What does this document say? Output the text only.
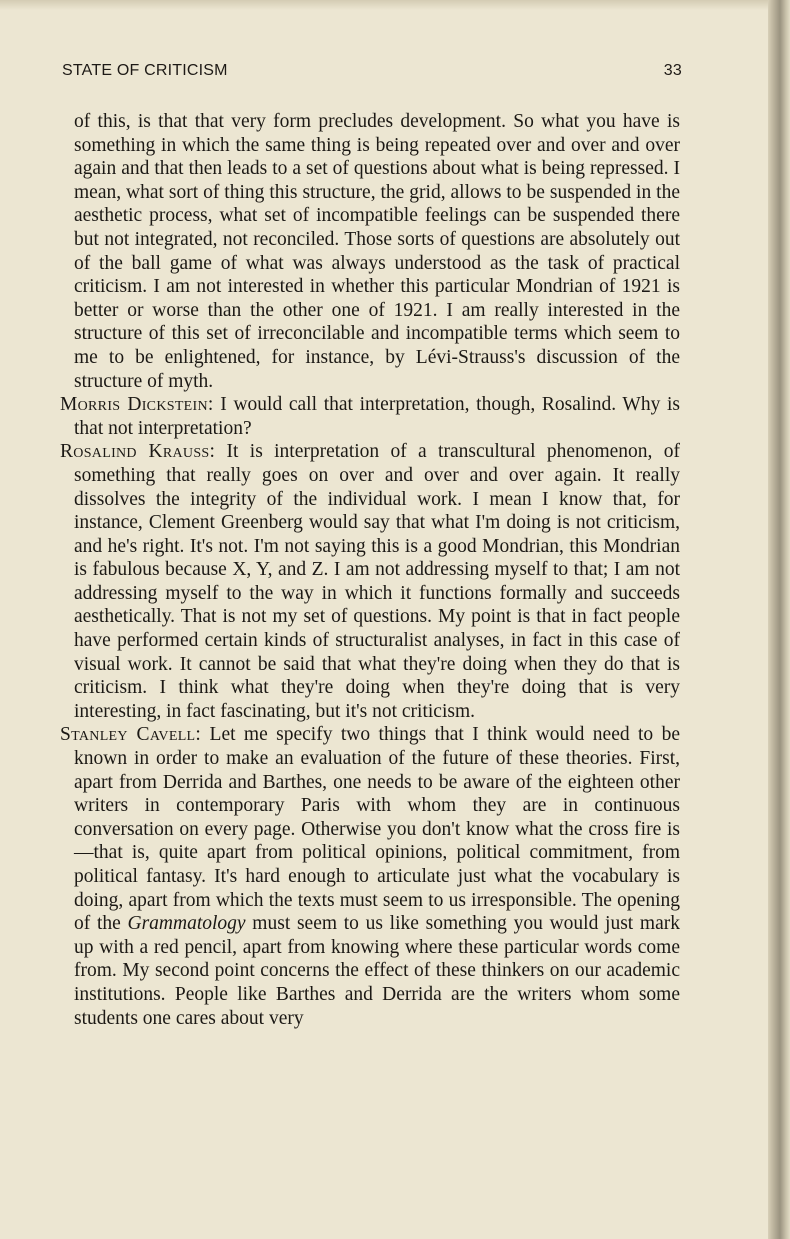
STATE OF CRITICISM	33

of this, is that that very form precludes development. So what you have is something in which the same thing is being repeated over and over and over again and that then leads to a set of questions about what is being repressed. I mean, what sort of thing this structure, the grid, allows to be suspended in the aesthetic process, what set of incompatible feelings can be suspended there but not integrated, not reconciled. Those sorts of questions are absolutely out of the ball game of what was always understood as the task of practical criticism. I am not interested in whether this particular Mondrian of 1921 is better or worse than the other one of 1921. I am really interested in the structure of this set of irreconcilable and incompatible terms which seem to me to be enlightened, for instance, by Lévi-Strauss's discussion of the structure of myth.

Morris Dickstein: I would call that interpretation, though, Rosalind. Why is that not interpretation?

Rosalind Krauss: It is interpretation of a transcultural phenomenon, of something that really goes on over and over and over again. It really dissolves the integrity of the individual work. I mean I know that, for instance, Clement Greenberg would say that what I'm doing is not criticism, and he's right. It's not. I'm not saying this is a good Mondrian, this Mondrian is fabulous because X, Y, and Z. I am not addressing myself to that; I am not addressing myself to the way in which it functions formally and succeeds aesthetically. That is not my set of questions. My point is that in fact people have performed certain kinds of structuralist analyses, in fact in this case of visual work. It cannot be said that what they're doing when they do that is criticism. I think what they're doing when they're doing that is very interesting, in fact fascinating, but it's not criticism.

Stanley Cavell: Let me specify two things that I think would need to be known in order to make an evaluation of the future of these theories. First, apart from Derrida and Barthes, one needs to be aware of the eighteen other writers in contemporary Paris with whom they are in continuous conversation on every page. Otherwise you don't know what the cross fire is—that is, quite apart from political opinions, political commitment, from political fantasy. It's hard enough to articulate just what the vocabulary is doing, apart from which the texts must seem to us irresponsible. The opening of the Grammatology must seem to us like something you would just mark up with a red pencil, apart from knowing where these particular words come from. My second point concerns the effect of these thinkers on our academic institutions. People like Barthes and Derrida are the writers whom some students one cares about very
